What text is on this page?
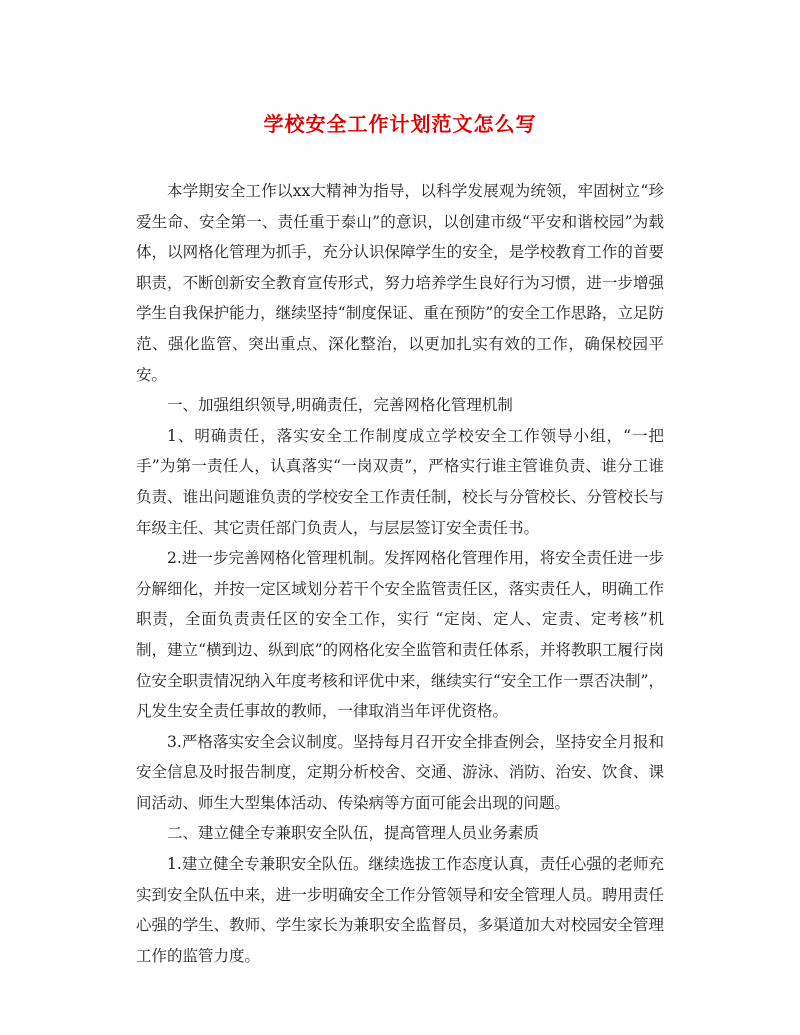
学校安全工作计划范文怎么写

本学期安全工作以xx大精神为指导，以科学发展观为统领，牢固树立“珍爱生命、安全第一、责任重于泰山”的意识，以创建市级“平安和谐校园”为载体，以网格化管理为抓手，充分认识保障学生的安全，是学校教育工作的首要职责，不断创新安全教育宣传形式，努力培养学生良好行为习惯，进一步增强学生自我保护能力，继续坚持“制度保证、重在预防”的安全工作思路，立足防范、强化监管、突出重点、深化整治，以更加扎实有效的工作，确保校园平安。

一、加强组织领导,明确责任，完善网格化管理机制

1、明确责任，落实安全工作制度成立学校安全工作领导小组，“一把手”为第一责任人，认真落实“一岗双责”，严格实行谁主管谁负责、谁分工谁负责、谁出问题谁负责的学校安全工作责任制，校长与分管校长、分管校长与年级主任、其它责任部门负责人，与层层签订安全责任书。

2.进一步完善网格化管理机制。发挥网格化管理作用，将安全责任进一步分解细化，并按一定区域划分若干个安全监管责任区，落实责任人，明确工作职责，全面负责责任区的安全工作，实行 “定岗、定人、定责、定考核”机制，建立“横到边、纵到底”的网格化安全监管和责任体系，并将教职工履行岗位安全职责情况纳入年度考核和评优中来，继续实行“安全工作一票否决制”，凡发生安全责任事故的教师，一律取消当年评优资格。

3.严格落实安全会议制度。坚持每月召开安全排查例会，坚持安全月报和安全信息及时报告制度，定期分析校舍、交通、游泳、消防、治安、饮食、课间活动、师生大型集体活动、传染病等方面可能会出现的问题。

二、建立健全专兼职安全队伍，提高管理人员业务素质

1.建立健全专兼职安全队伍。继续选拔工作态度认真，责任心强的老师充实到安全队伍中来，进一步明确安全工作分管领导和安全管理人员。聘用责任心强的学生、教师、学生家长为兼职安全监督员，多渠道加大对校园安全管理工作的监管力度。
